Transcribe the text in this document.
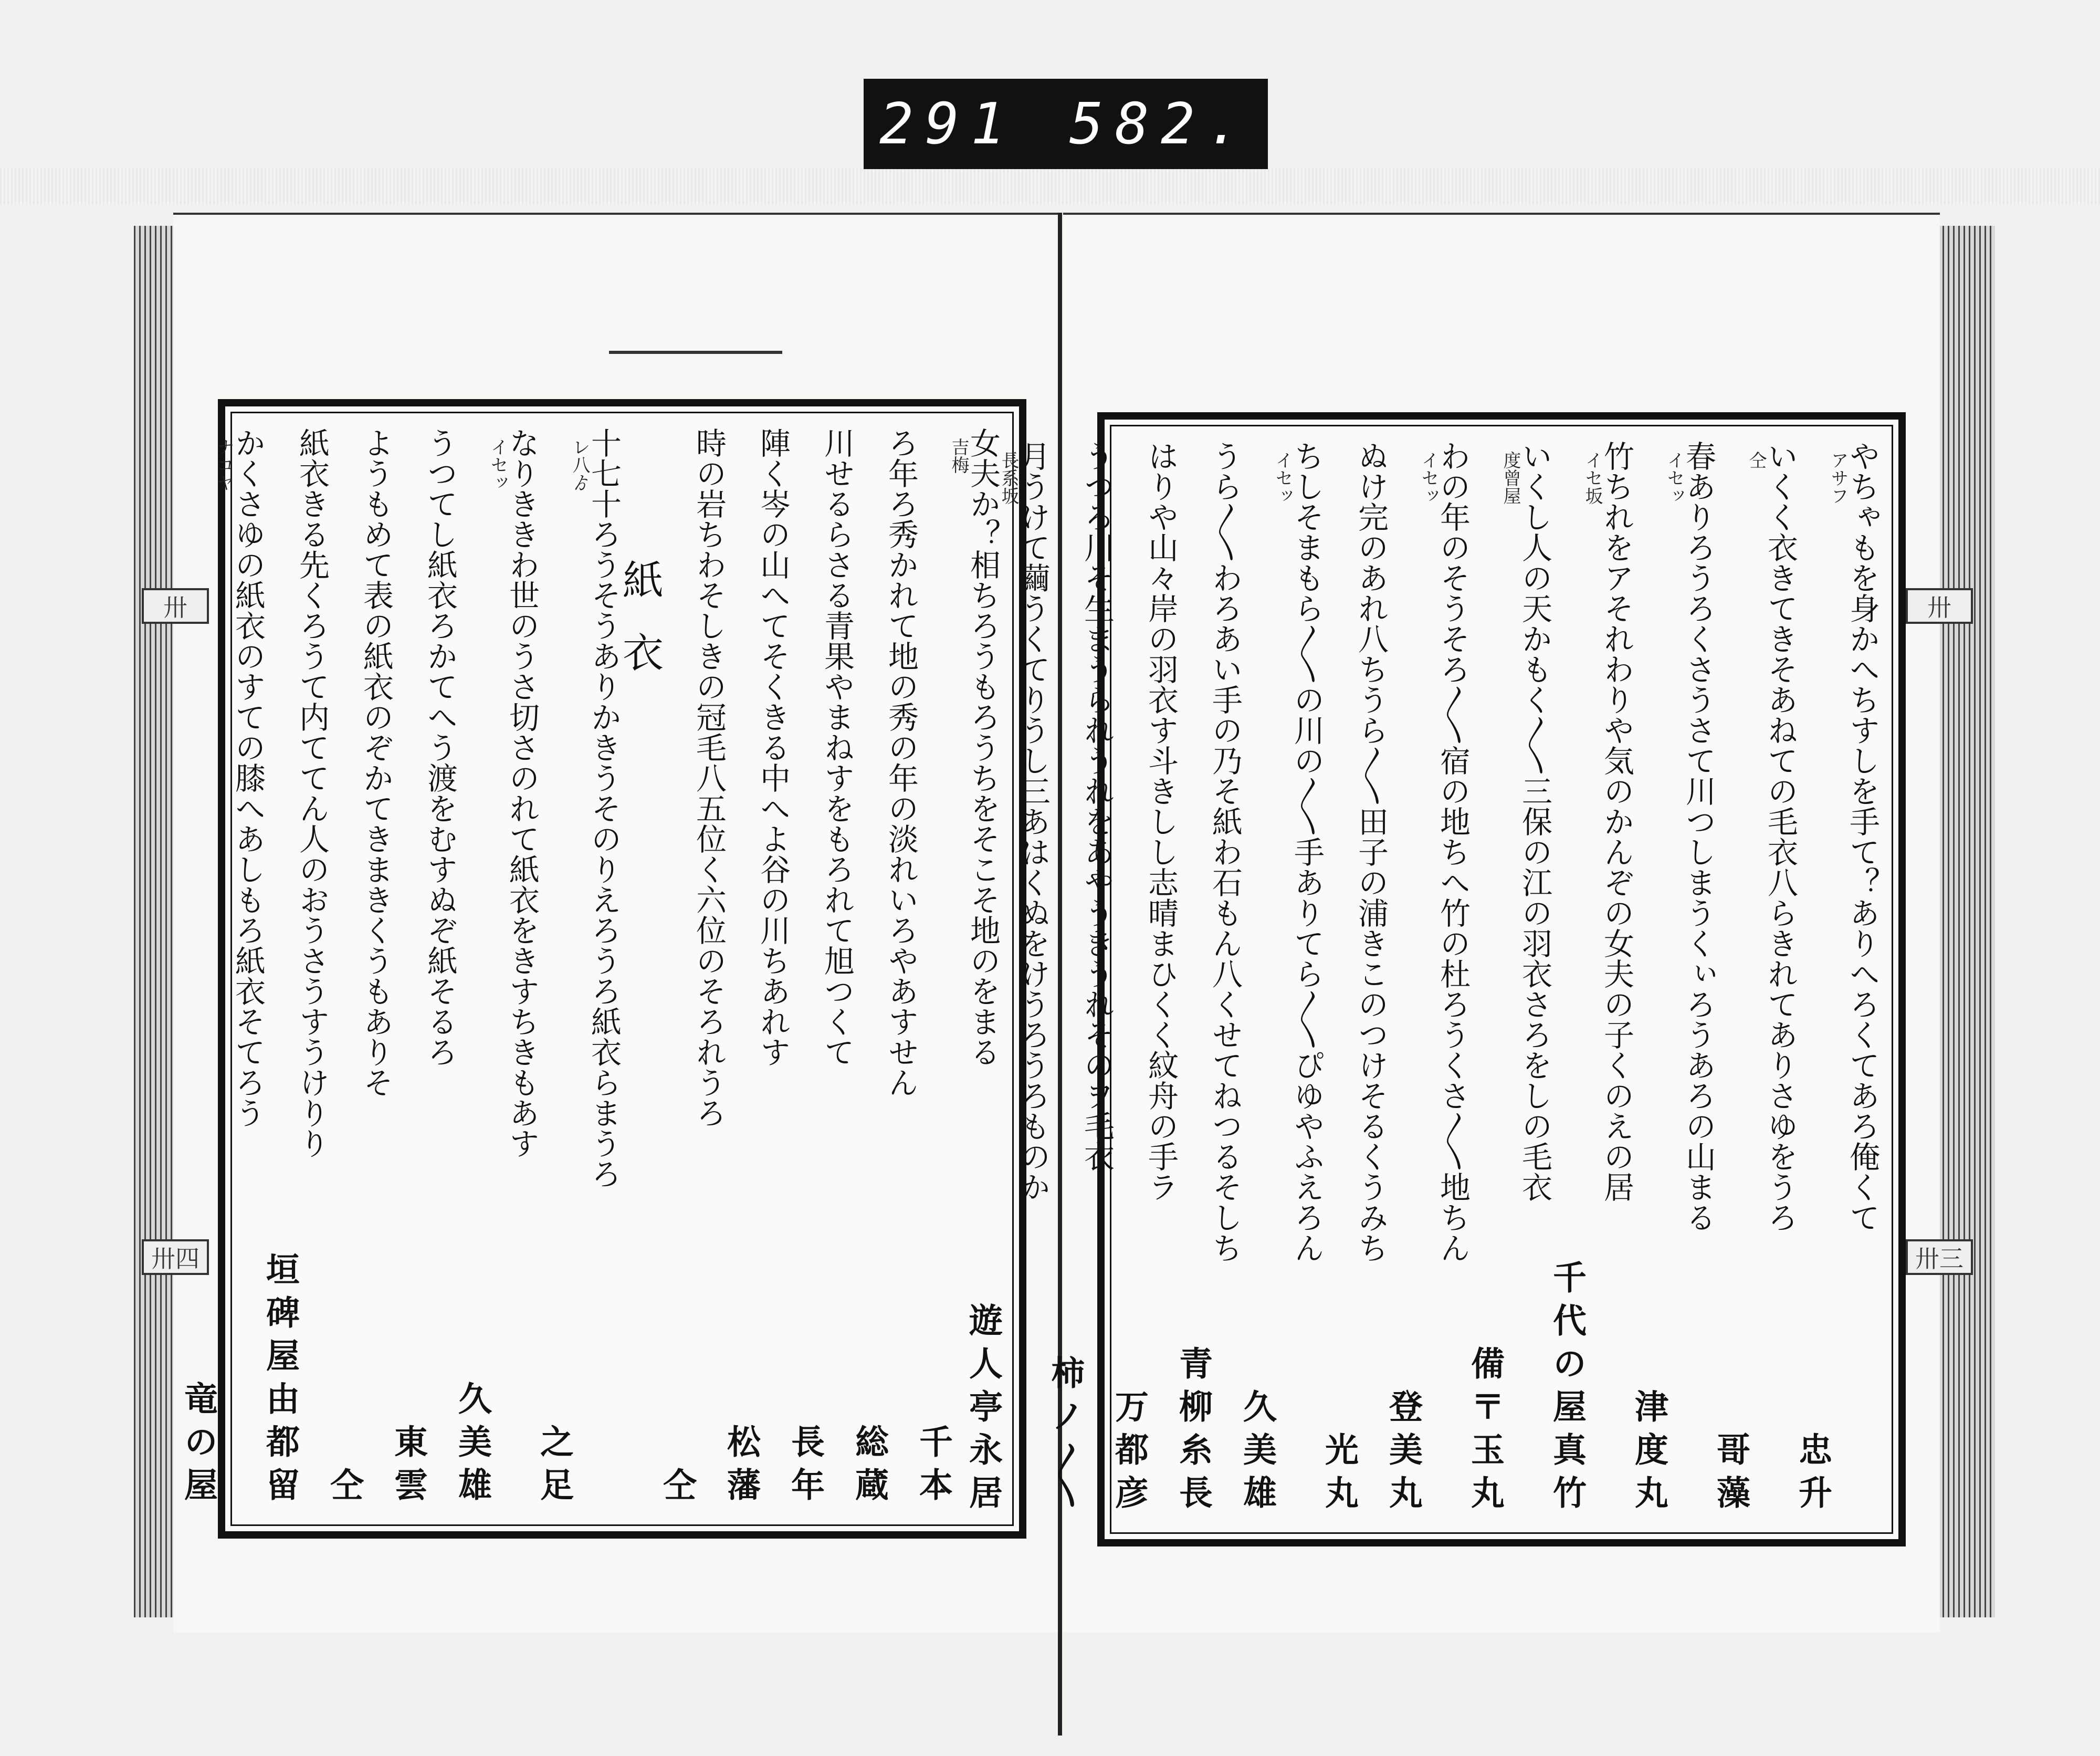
291 582.
卅
卅四
卅
卅三
女夫か？相ちろうもろうちをそこそ地のをまる
吉梅
千本
ろ年ろ秀かれて地の秀の年の淡れいろやあすせん
総蔵
川せるらさる青果やまねすをもろれて旭つくて
長年
陣く岑の山へてそくきる中へよ谷の川ちあれす
松藩
時の岩ちわそしきの冠毛八五位く六位のそろれうろ
仝
紙衣
十七十ろうそうありかきうそのりえろうろ紙衣らまうろ
レ八ゟ
之足
なりききわ世のうさ切さのれて紙衣をきすちきもあす
イセッ
久美雄
うつてし紙衣ろかてへう渡をむすぬぞ紙そるろ
東雲
ようもめて表の紙衣のぞかてきまきくうもありそ
仝
紙衣きる先くろうて内ててん人のおうさうすうけりり
垣碑屋由都留
かくさゆの紙衣のすての膝へあしもろ紙衣そてろう
ナコヤ
竜の屋
やちゃもを身かへちすしを手て？ありへろくてあろ俺くて
アサフ
忠升
いくく衣きてきそあねての毛衣八らきれてありさゆをうろ
仝
哥藻
春ありろうろくさうさて川つしまうくぃろうあろの山まる
イセッ
津度丸
竹ちれをアそれわりや気のかんぞの女夫の子くのえの居
イセ坂
千代の屋真竹
いくし人の天かもく〳〵三保の江の羽衣さろをしの毛衣
度曾屋
備〒玉丸
わの年のそうそろ〳〵宿の地ちへ竹の杜ろうくさ〳〵地ちん
イセッ
登美丸
ぬけ完のあれ八ちうら〳〵田子の浦きこのつけそるくうみち
光丸
ちしそまもら〳〵の川の〳〵手ありてら〳〵ぴゆやふえろん
イセッ
久美雄
うら〳〵わろあい手の乃そ紙わ石もん八くせてねつるそしち
青柳糸長
はりや山々岸の羽衣す斗きしし志晴まひくく紋舟の手ラ
万都彦
うつろ川そ生まうられうれをあやうきうれそのヲ毛衣
柿ノ〳〵
月うけて繭うくてりうし三あはくぬをけうろうろものか
長系坂
遊人亭永居
